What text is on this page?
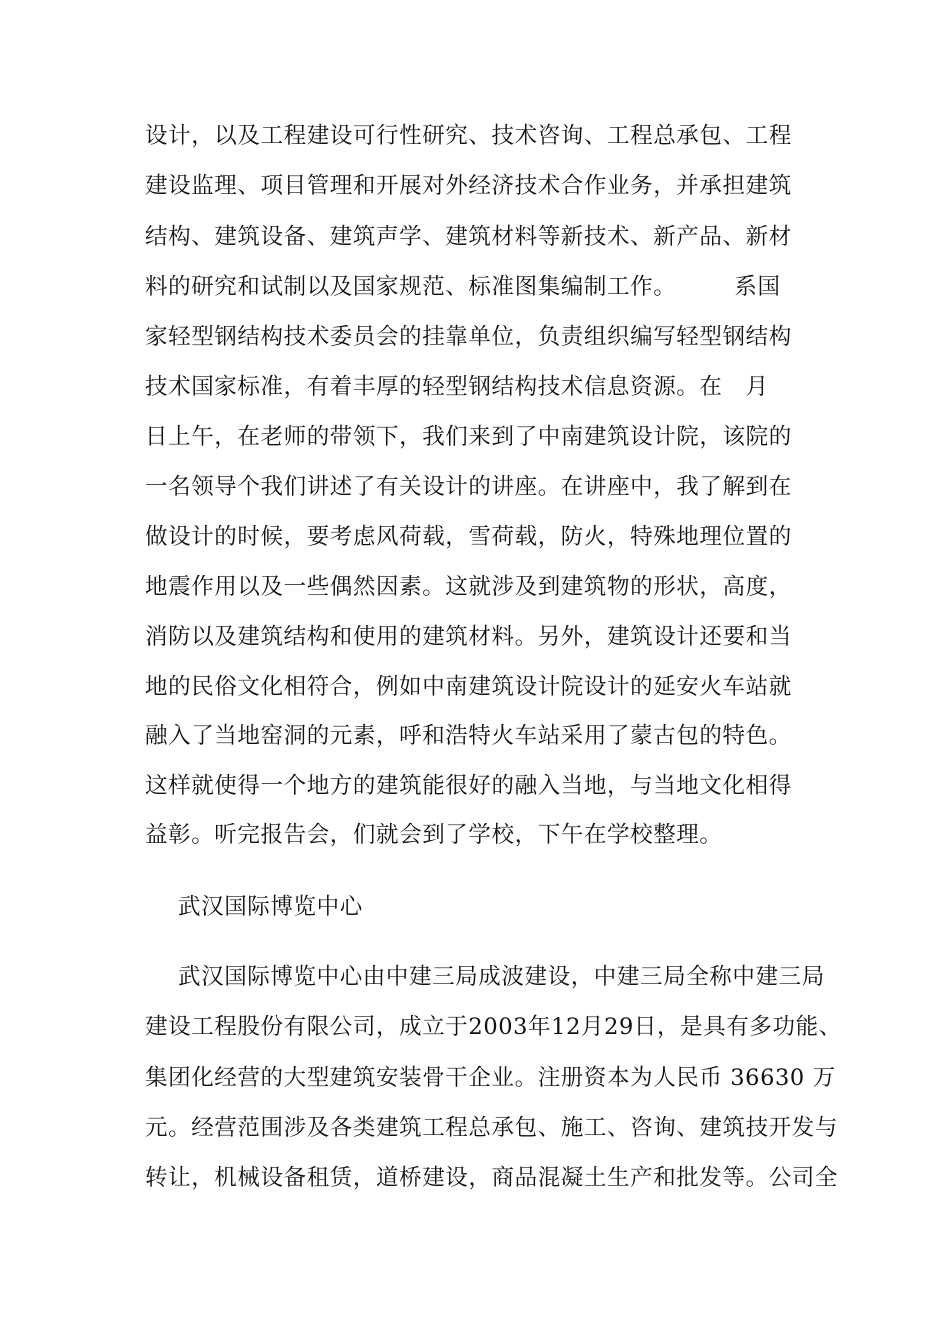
设计，以及工程建设可行性研究、技术咨询、工程总承包、工程
建设监理、项目管理和开展对外经济技术合作业务，并承担建筑
结构、建筑设备、建筑声学、建筑材料等新技术、新产品、新材
料的研究和试制以及国家规范、标准图集编制工作。　　　系国
家轻型钢结构技术委员会的挂靠单位，负责组织编写轻型钢结构
技术国家标准，有着丰厚的轻型钢结构技术信息资源。在　月
日上午，在老师的带领下，我们来到了中南建筑设计院，该院的
一名领导个我们讲述了有关设计的讲座。在讲座中，我了解到在
做设计的时候，要考虑风荷载，雪荷载，防火，特殊地理位置的
地震作用以及一些偶然因素。这就涉及到建筑物的形状，高度，
消防以及建筑结构和使用的建筑材料。另外，建筑设计还要和当
地的民俗文化相符合，例如中南建筑设计院设计的延安火车站就
融入了当地窑洞的元素，呼和浩特火车站采用了蒙古包的特色。
这样就使得一个地方的建筑能很好的融入当地，与当地文化相得
益彰。听完报告会，们就会到了学校，下午在学校整理。
武汉国际博览中心
武汉国际博览中心由中建三局成波建设，中建三局全称中建三局
建设工程股份有限公司，成立于2003年12月29日，是具有多功能、
集团化经营的大型建筑安装骨干企业。注册资本为人民币 36630 万
元。经营范围涉及各类建筑工程总承包、施工、咨询、建筑技开发与
转让，机械设备租赁，道桥建设，商品混凝土生产和批发等。公司全
